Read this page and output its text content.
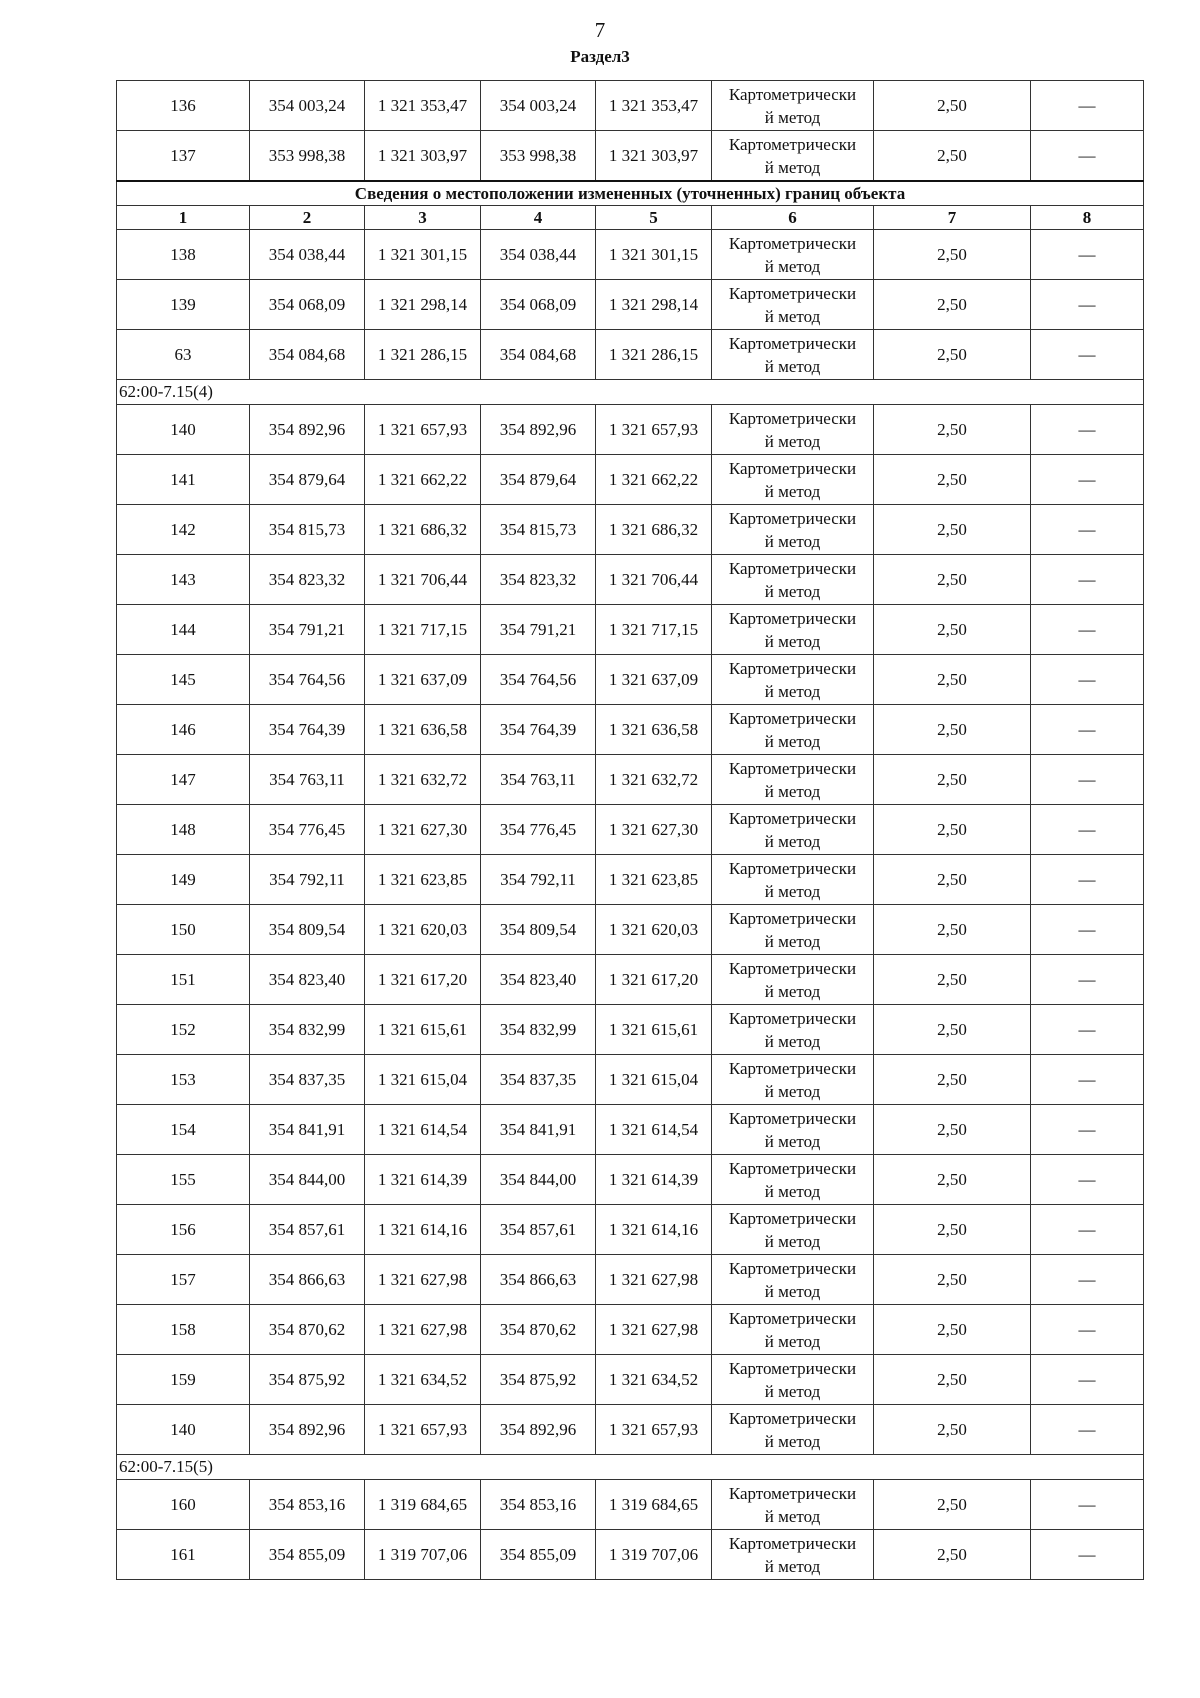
7
Раздел3
136	354 003,24	1 321 353,47	354 003,24	1 321 353,47	Картометрически
й метод	2,50	—
137	353 998,38	1 321 303,97	353 998,38	1 321 303,97	Картометрически
й метод	2,50	—
Сведения о местоположении измененных (уточненных) границ объекта							
1	2	3	4	5	6	7	8
138	354 038,44	1 321 301,15	354 038,44	1 321 301,15	Картометрически
й метод	2,50	—
139	354 068,09	1 321 298,14	354 068,09	1 321 298,14	Картометрически
й метод	2,50	—
63	354 084,68	1 321 286,15	354 084,68	1 321 286,15	Картометрически
й метод	2,50	—
62:00-7.15(4)							
140	354 892,96	1 321 657,93	354 892,96	1 321 657,93	Картометрически
й метод	2,50	—
141	354 879,64	1 321 662,22	354 879,64	1 321 662,22	Картометрически
й метод	2,50	—
142	354 815,73	1 321 686,32	354 815,73	1 321 686,32	Картометрически
й метод	2,50	—
143	354 823,32	1 321 706,44	354 823,32	1 321 706,44	Картометрически
й метод	2,50	—
144	354 791,21	1 321 717,15	354 791,21	1 321 717,15	Картометрически
й метод	2,50	—
145	354 764,56	1 321 637,09	354 764,56	1 321 637,09	Картометрически
й метод	2,50	—
146	354 764,39	1 321 636,58	354 764,39	1 321 636,58	Картометрически
й метод	2,50	—
147	354 763,11	1 321 632,72	354 763,11	1 321 632,72	Картометрически
й метод	2,50	—
148	354 776,45	1 321 627,30	354 776,45	1 321 627,30	Картометрически
й метод	2,50	—
149	354 792,11	1 321 623,85	354 792,11	1 321 623,85	Картометрически
й метод	2,50	—
150	354 809,54	1 321 620,03	354 809,54	1 321 620,03	Картометрически
й метод	2,50	—
151	354 823,40	1 321 617,20	354 823,40	1 321 617,20	Картометрически
й метод	2,50	—
152	354 832,99	1 321 615,61	354 832,99	1 321 615,61	Картометрически
й метод	2,50	—
153	354 837,35	1 321 615,04	354 837,35	1 321 615,04	Картометрически
й метод	2,50	—
154	354 841,91	1 321 614,54	354 841,91	1 321 614,54	Картометрически
й метод	2,50	—
155	354 844,00	1 321 614,39	354 844,00	1 321 614,39	Картометрически
й метод	2,50	—
156	354 857,61	1 321 614,16	354 857,61	1 321 614,16	Картометрически
й метод	2,50	—
157	354 866,63	1 321 627,98	354 866,63	1 321 627,98	Картометрически
й метод	2,50	—
158	354 870,62	1 321 627,98	354 870,62	1 321 627,98	Картометрически
й метод	2,50	—
159	354 875,92	1 321 634,52	354 875,92	1 321 634,52	Картометрически
й метод	2,50	—
140	354 892,96	1 321 657,93	354 892,96	1 321 657,93	Картометрически
й метод	2,50	—
62:00-7.15(5)							
160	354 853,16	1 319 684,65	354 853,16	1 319 684,65	Картометрически
й метод	2,50	—
161	354 855,09	1 319 707,06	354 855,09	1 319 707,06	Картометрически
й метод	2,50	—
